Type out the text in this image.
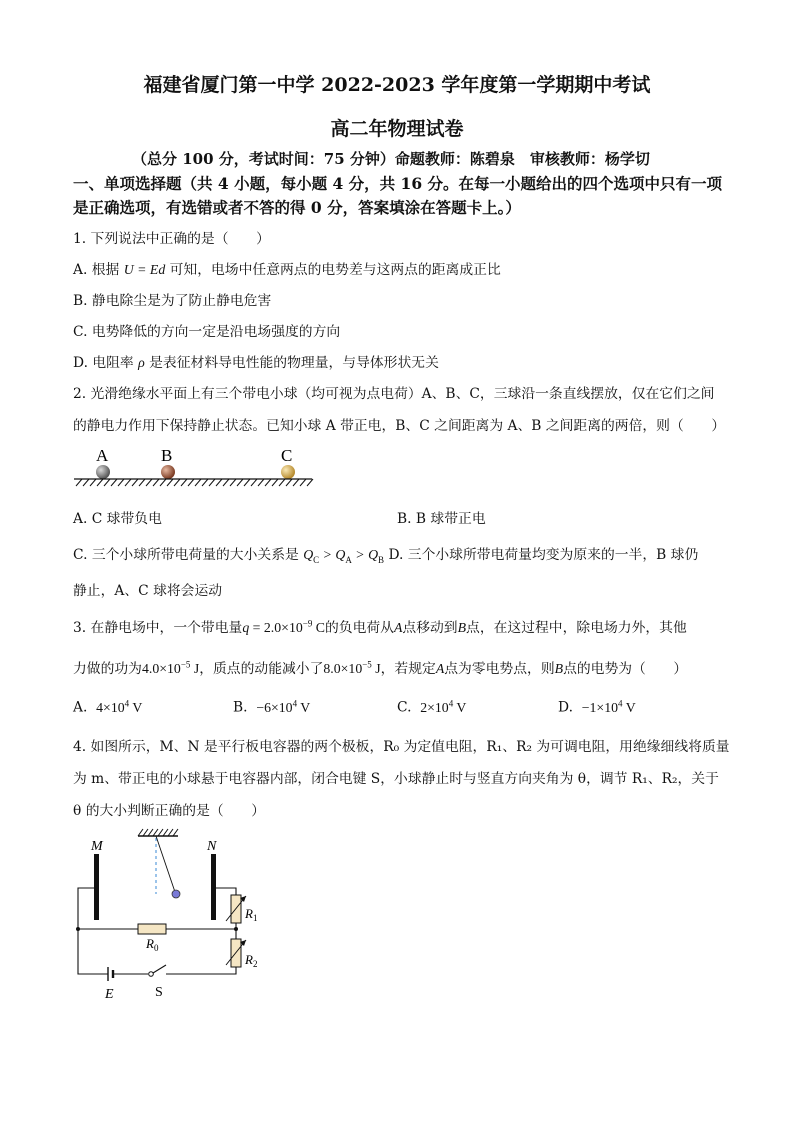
福建省厦门第一中学 2022-2023 学年度第一学期期中考试
高二年物理试卷
（总分 100 分，考试时间：75 分钟）命题教师：陈碧泉　审核教师：杨学切
一、单项选择题（共 4 小题，每小题 4 分，共 16 分。在每一小题给出的四个选项中只有一项
是正确选项，有选错或者不答的得 0 分，答案填涂在答题卡上。）
1. 下列说法中正确的是（　　）
A. 根据 U = Ed 可知，电场中任意两点的电势差与这两点的距离成正比
B. 静电除尘是为了防止静电危害
C. 电势降低的方向一定是沿电场强度的方向
D. 电阻率 ρ 是表征材料导电性能的物理量，与导体形状无关
2. 光滑绝缘水平面上有三个带电小球（均可视为点电荷）A、B、C，三球沿一条直线摆放，仅在它们之间
的静电力作用下保持静止状态。已知小球 A 带正电，B、C 之间距离为 A、B 之间距离的两倍，则（　　）
A	B	C
A. C 球带负电	B. B 球带正电
C. 三个小球所带电荷量的大小关系是 $Q_C > Q_A > Q_B$ D. 三个小球所带电荷量均变为原来的一半，B 球仍
静止，A、C 球将会运动
3. 在静电场中，一个带电量$q = 2.0\times 10^{-9}$ C的负电荷从A点移动到B点，在这过程中，除电场力外，其他
力做的功为$4.0\times 10^{-5}$ J，质点的动能减小了$8.0\times 10^{-5}$ J，若规定A点为零电势点，则B点的电势为（　　）
A. $4\times 10^4$ V	B. $-6\times 10^4$ V	C. $2\times 10^4$ V	D. $-1\times 10^4$ V
4. 如图所示，M、N 是平行板电容器的两个极板，R₀ 为定值电阻，R₁、R₂ 为可调电阻，用绝缘细线将质量
为 m、带正电的小球悬于电容器内部，闭合电键 S，小球静止时与竖直方向夹角为 θ，调节 R₁、R₂，关于
θ 的大小判断正确的是（　　）
M	N
$R_0$
$R_1$
$R_2$
E	S
